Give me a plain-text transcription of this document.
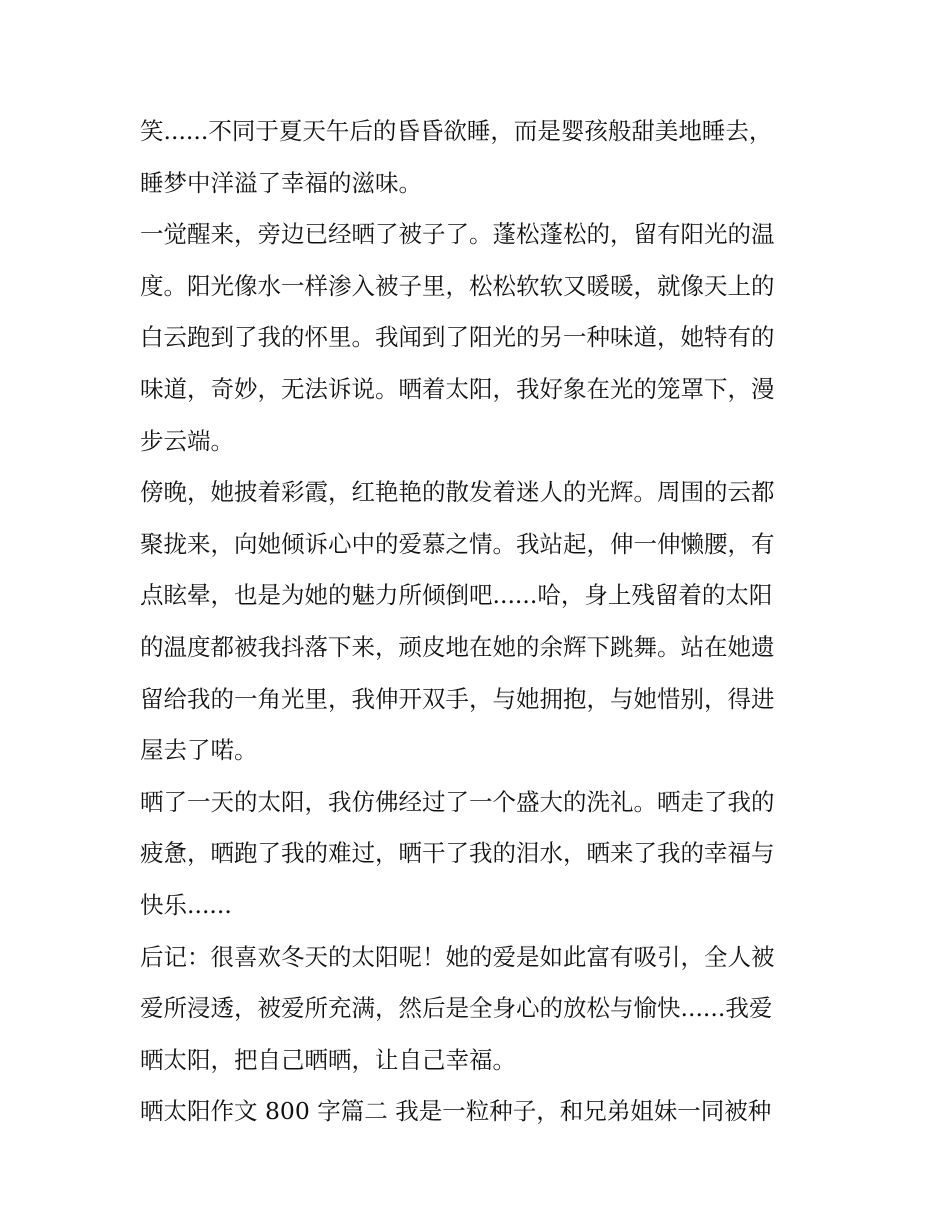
笑......不同于夏天午后的昏昏欲睡，而是婴孩般甜美地睡去，
睡梦中洋溢了幸福的滋味。
一觉醒来，旁边已经晒了被子了。蓬松蓬松的，留有阳光的温
度。阳光像水一样渗入被子里，松松软软又暖暖，就像天上的
白云跑到了我的怀里。我闻到了阳光的另一种味道，她特有的
味道，奇妙，无法诉说。晒着太阳，我好象在光的笼罩下，漫
步云端。
傍晚，她披着彩霞，红艳艳的散发着迷人的光辉。周围的云都
聚拢来，向她倾诉心中的爱慕之情。我站起，伸一伸懒腰，有
点眩晕，也是为她的魅力所倾倒吧......哈，身上残留着的太阳
的温度都被我抖落下来，顽皮地在她的余辉下跳舞。站在她遗
留给我的一角光里，我伸开双手，与她拥抱，与她惜别，得进
屋去了喏。
晒了一天的太阳，我仿佛经过了一个盛大的洗礼。晒走了我的
疲惫，晒跑了我的难过，晒干了我的泪水，晒来了我的幸福与
快乐......
后记：很喜欢冬天的太阳呢！她的爱是如此富有吸引，全人被
爱所浸透，被爱所充满，然后是全身心的放松与愉快......我爱
晒太阳，把自己晒晒，让自己幸福。
晒太阳作文 800 字篇二 我是一粒种子，和兄弟姐妹一同被种
